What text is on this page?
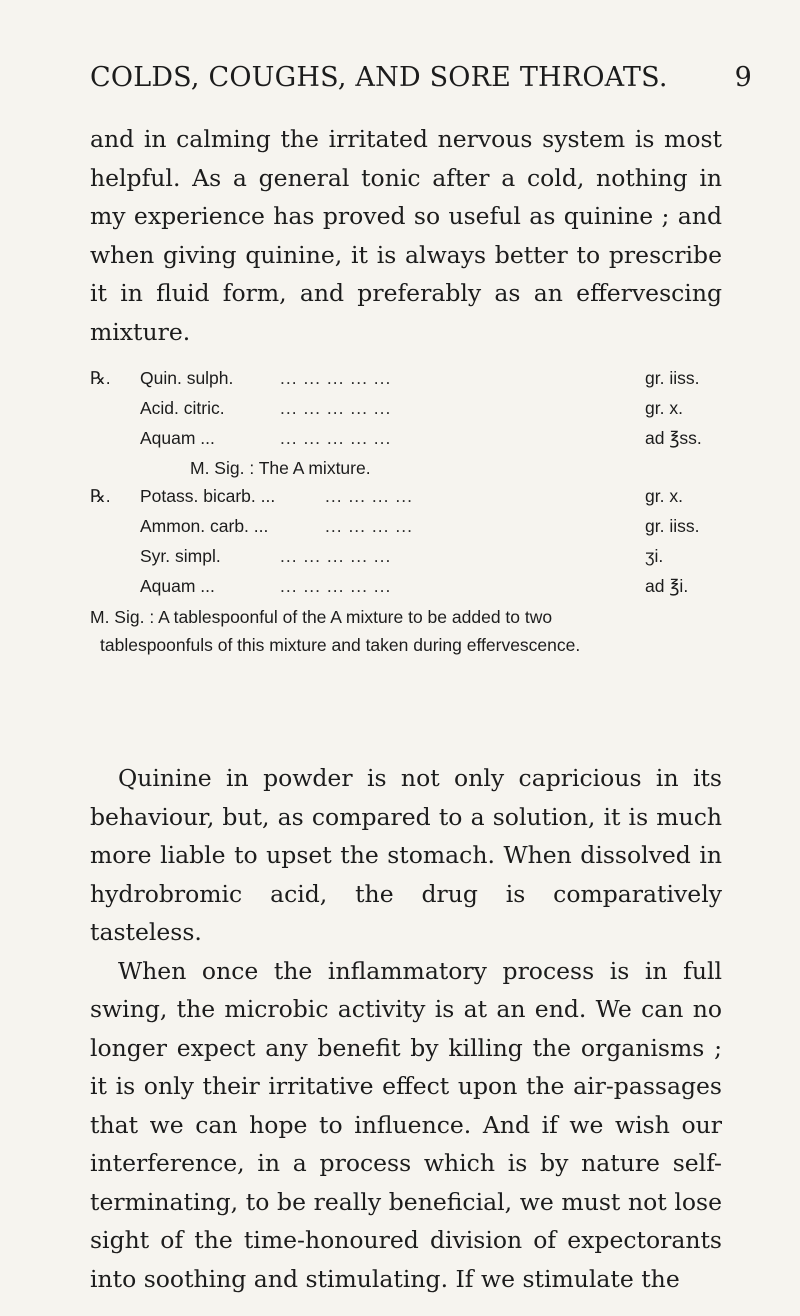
COLDS, COUGHS, AND SORE THROATS. 9

and in calming the irritated nervous system is most helpful. As a general tonic after a cold, nothing in my experience has proved so useful as quinine ; and when giving quinine, it is always better to prescribe it in fluid form, and preferably as an effervescing mixture.

℞. Quin. sulph.	... ... ... ... ...	gr. iiss.
Acid. citric.	... ... ... ... ...	gr. x.
Aquam ...	... ... ... ... ...	ad ℥ss.
M. Sig. : The A mixture.
℞. Potass. bicarb. ...	... ... ... ...	gr. x.
Ammon. carb. ...	... ... ... ...	gr. iiss.
Syr. simpl.	... ... ... ... ...	ʒi.
Aquam ...	... ... ... ... ...	ad ℥i.
M. Sig. : A tablespoonful of the A mixture to be added to two
tablespoonfuls of this mixture and taken during effervescence.

Quinine in powder is not only capricious in its behaviour, but, as compared to a solution, it is much more liable to upset the stomach. When dissolved in hydrobromic acid, the drug is comparatively tasteless.

When once the inflammatory process is in full swing, the microbic activity is at an end. We can no longer expect any benefit by killing the organisms ; it is only their irritative effect upon the air-passages that we can hope to influence. And if we wish our interference, in a process which is by nature self-terminating, to be really beneficial, we must not lose sight of the time-honoured division of expectorants into soothing and stimulating. If we stimulate the
